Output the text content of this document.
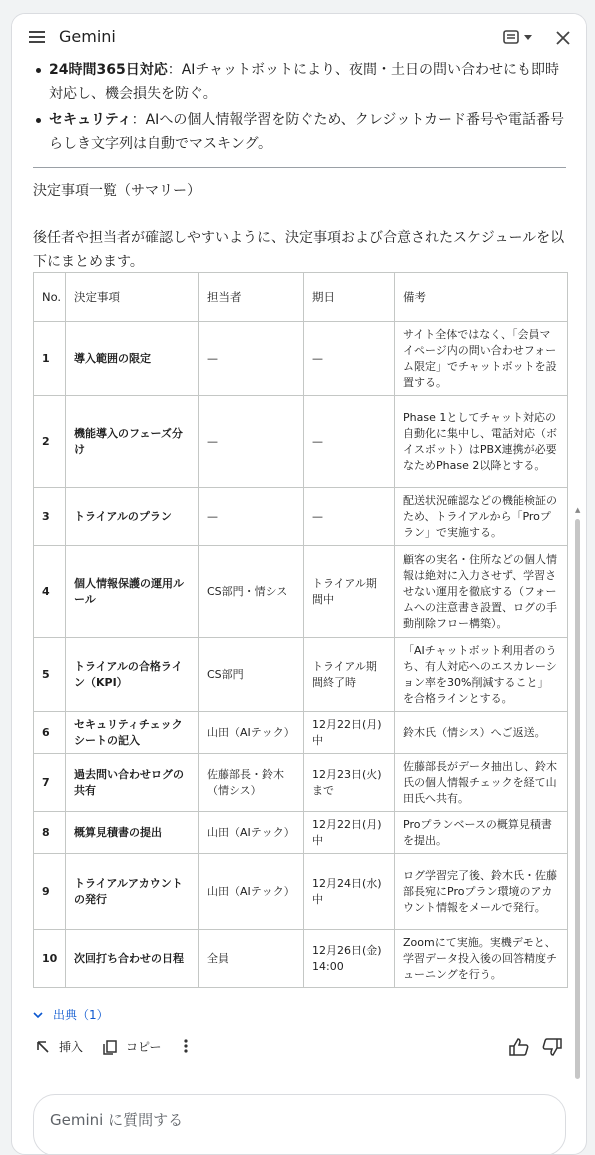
Gemini
24時間365日対応：AIチャットボットにより、夜間・土日の問い合わせにも即時対応し、機会損失を防ぐ。
セキュリティ：AIへの個人情報学習を防ぐため、クレジットカード番号や電話番号らしき文字列は自動でマスキング。
決定事項一覧（サマリー）
後任者や担当者が確認しやすいように、決定事項および合意されたスケジュールを以下にまとめます。
No.	決定事項	担当者	期日	備考
1	導入範囲の限定	—	—	サイト全体ではなく、「会員マイページ内の問い合わせフォーム限定」でチャットボットを設置する。
2	機能導入のフェーズ分け	—	—	Phase 1としてチャット対応の自動化に集中し、電話対応（ボイスボット）はPBX連携が必要なためPhase 2以降とする。
3	トライアルのプラン	—	—	配送状況確認などの機能検証のため、トライアルから「Proプラン」で実施する。
4	個人情報保護の運用ルール	CS部門・情シス	トライアル期間中	顧客の実名・住所などの個人情報は絶対に入力させず、学習させない運用を徹底する（フォームへの注意書き設置、ログの手動削除フロー構築）。
5	トライアルの合格ライン（KPI）	CS部門	トライアル期間終了時	「AIチャットボット利用者のうち、有人対応へのエスカレーション率を30%削減すること」を合格ラインとする。
6	セキュリティチェックシートの記入	山田（AIテック）	12月22日(月)中	鈴木氏（情シス）へご返送。
7	過去問い合わせログの共有	佐藤部長・鈴木（情シス）	12月23日(火)まで	佐藤部長がデータ抽出し、鈴木氏の個人情報チェックを経て山田氏へ共有。
8	概算見積書の提出	山田（AIテック）	12月22日(月)中	Proプランベースの概算見積書を提出。
9	トライアルアカウントの発行	山田（AIテック）	12月24日(水)中	ログ学習完了後、鈴木氏・佐藤部長宛にProプラン環境のアカウント情報をメールで発行。
10	次回打ち合わせの日程	全員	12月26日(金) 14:00	Zoomにて実施。実機デモと、学習データ投入後の回答精度チューニングを行う。
出典（1）
挿入	コピー
▲
Gemini に質問する
